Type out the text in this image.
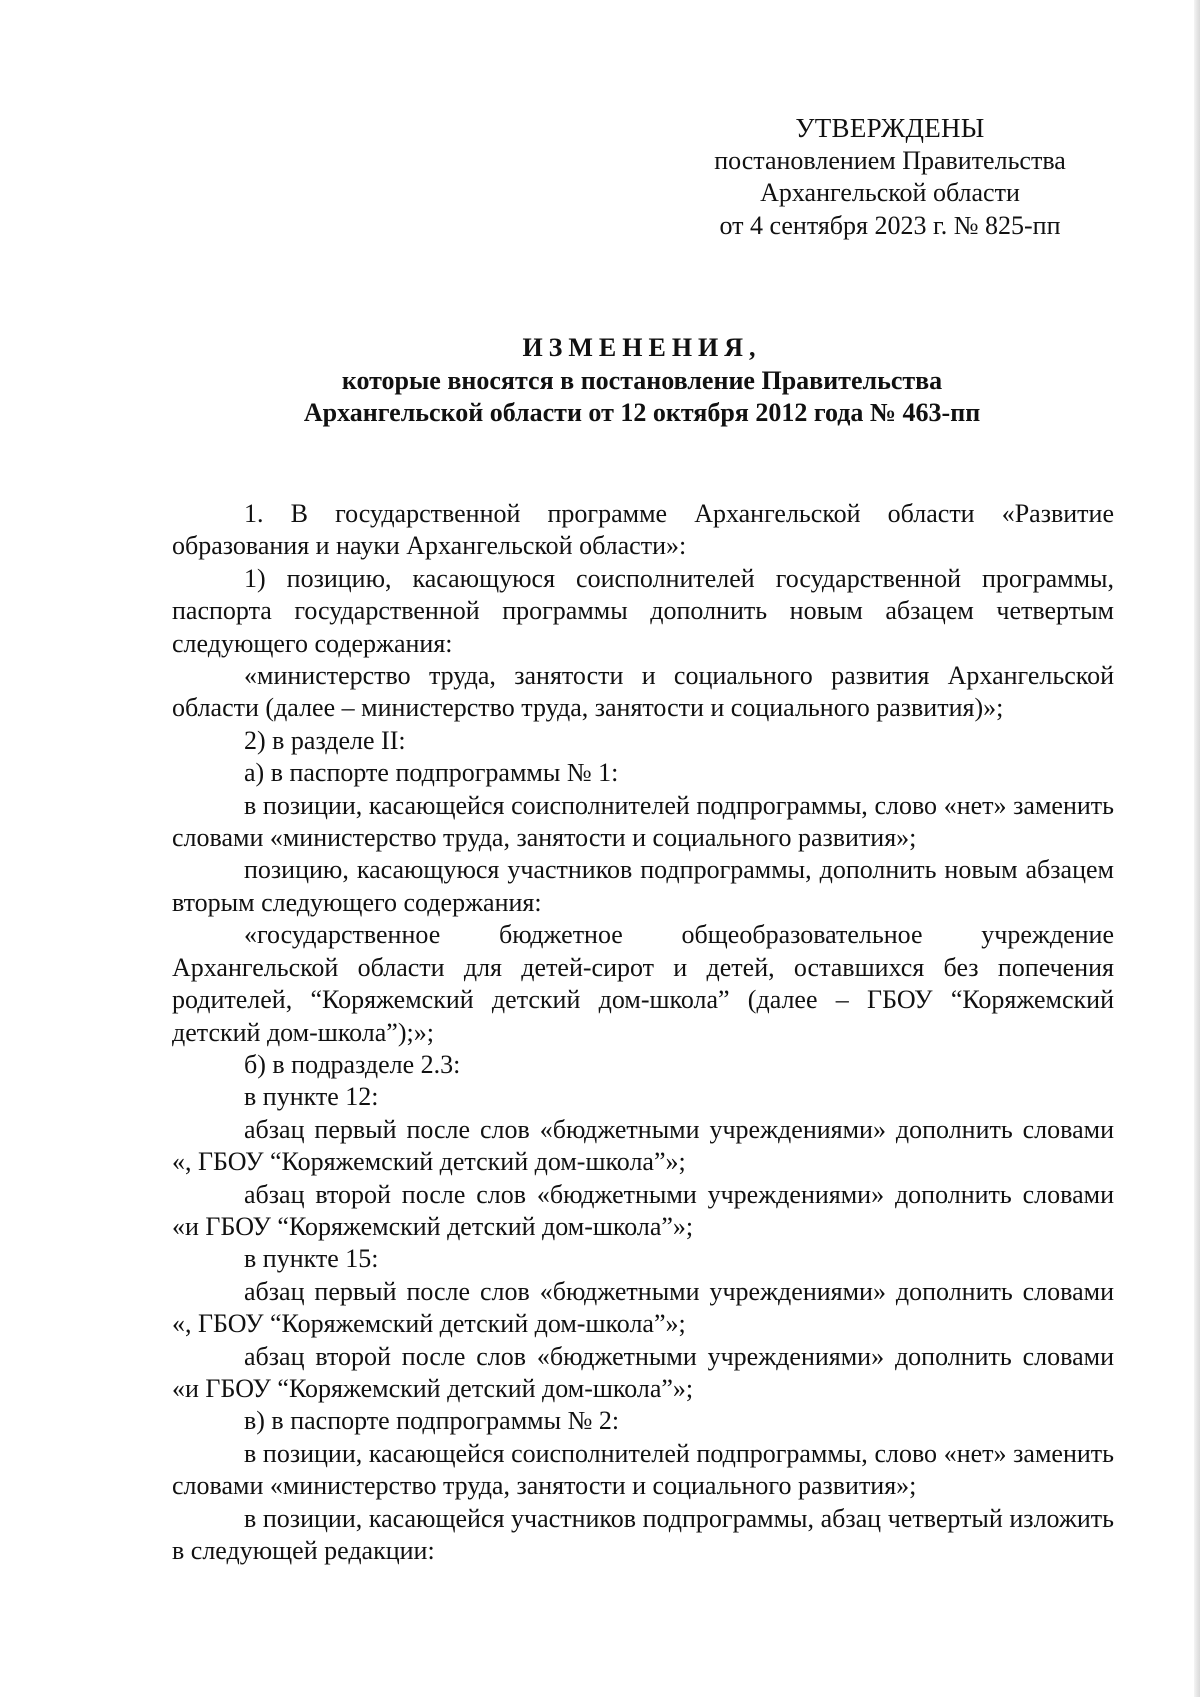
УТВЕРЖДЕНЫ
постановлением Правительства
Архангельской области
от 4 сентября 2023 г. № 825-пп
ИЗМЕНЕНИЯ,
которые вносятся в постановление Правительства
Архангельской области от 12 октября 2012 года № 463-пп

1. В государственной программе Архангельской области «Развитие образования и науки Архангельской области»:

1) позицию, касающуюся соисполнителей государственной программы, паспорта государственной программы дополнить новым абзацем четвертым следующего содержания:

«министерство труда, занятости и социального развития Архангельской области (далее – министерство труда, занятости и социального развития)»;

2) в разделе II:

а) в паспорте подпрограммы № 1:

в позиции, касающейся соисполнителей подпрограммы, слово «нет» заменить словами «министерство труда, занятости и социального развития»;

позицию, касающуюся участников подпрограммы, дополнить новым абзацем вторым следующего содержания:

«государственное бюджетное общеобразовательное учреждение Архангельской области для детей-сирот и детей, оставшихся без попечения родителей, “Коряжемский детский дом-школа” (далее – ГБОУ “Коряжемский детский дом-школа”);»;

б) в подразделе 2.3:

в пункте 12:

абзац первый после слов «бюджетными учреждениями» дополнить словами «, ГБОУ “Коряжемский детский дом-школа”»;

абзац второй после слов «бюджетными учреждениями» дополнить словами «и ГБОУ “Коряжемский детский дом-школа”»;

в пункте 15:

абзац первый после слов «бюджетными учреждениями» дополнить словами «, ГБОУ “Коряжемский детский дом-школа”»;

абзац второй после слов «бюджетными учреждениями» дополнить словами «и ГБОУ “Коряжемский детский дом-школа”»;

в) в паспорте подпрограммы № 2:

в позиции, касающейся соисполнителей подпрограммы, слово «нет» заменить словами «министерство труда, занятости и социального развития»;

в позиции, касающейся участников подпрограммы, абзац четвертый изложить в следующей редакции:
